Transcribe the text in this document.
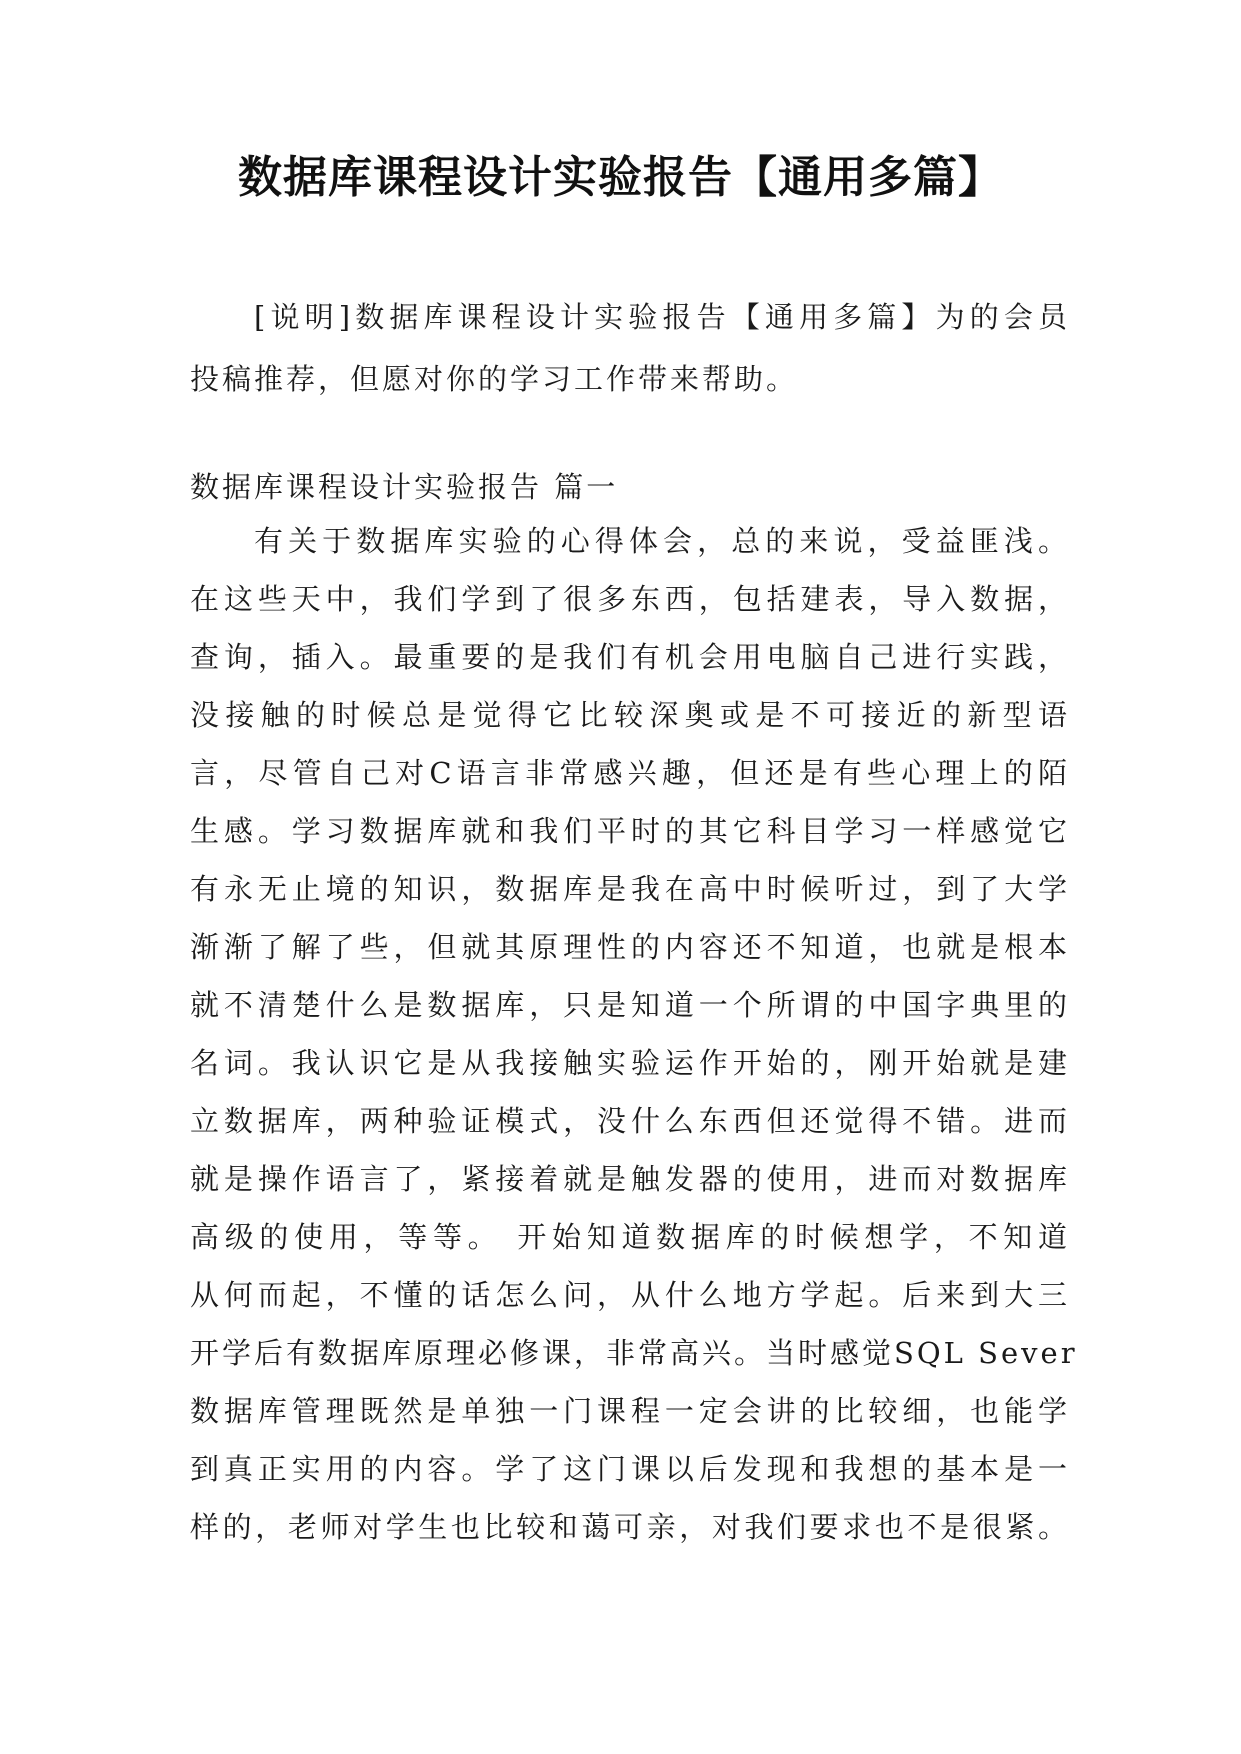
数据库课程设计实验报告【通用多篇】
[说明]数据库课程设计实验报告【通用多篇】为的会员
投稿推荐，但愿对你的学习工作带来帮助。
数据库课程设计实验报告 篇一
有关于数据库实验的心得体会，总的来说，受益匪浅。
在这些天中，我们学到了很多东西，包括建表，导入数据，
查询，插入。最重要的是我们有机会用电脑自己进行实践，
没接触的时候总是觉得它比较深奥或是不可接近的新型语
言，尽管自己对C语言非常感兴趣，但还是有些心理上的陌
生感。学习数据库就和我们平时的其它科目学习一样感觉它
有永无止境的知识，数据库是我在高中时候听过，到了大学
渐渐了解了些，但就其原理性的内容还不知道，也就是根本
就不清楚什么是数据库，只是知道一个所谓的中国字典里的
名词。我认识它是从我接触实验运作开始的，刚开始就是建
立数据库，两种验证模式，没什么东西但还觉得不错。进而
就是操作语言了，紧接着就是触发器的使用，进而对数据库
高级的使用，等等。 开始知道数据库的时候想学，不知道
从何而起，不懂的话怎么问，从什么地方学起。后来到大三
开学后有数据库原理必修课，非常高兴。当时感觉SQL Sever
数据库管理既然是单独一门课程一定会讲的比较细，也能学
到真正实用的内容。学了这门课以后发现和我想的基本是一
样的，老师对学生也比较和蔼可亲，对我们要求也不是很紧。
